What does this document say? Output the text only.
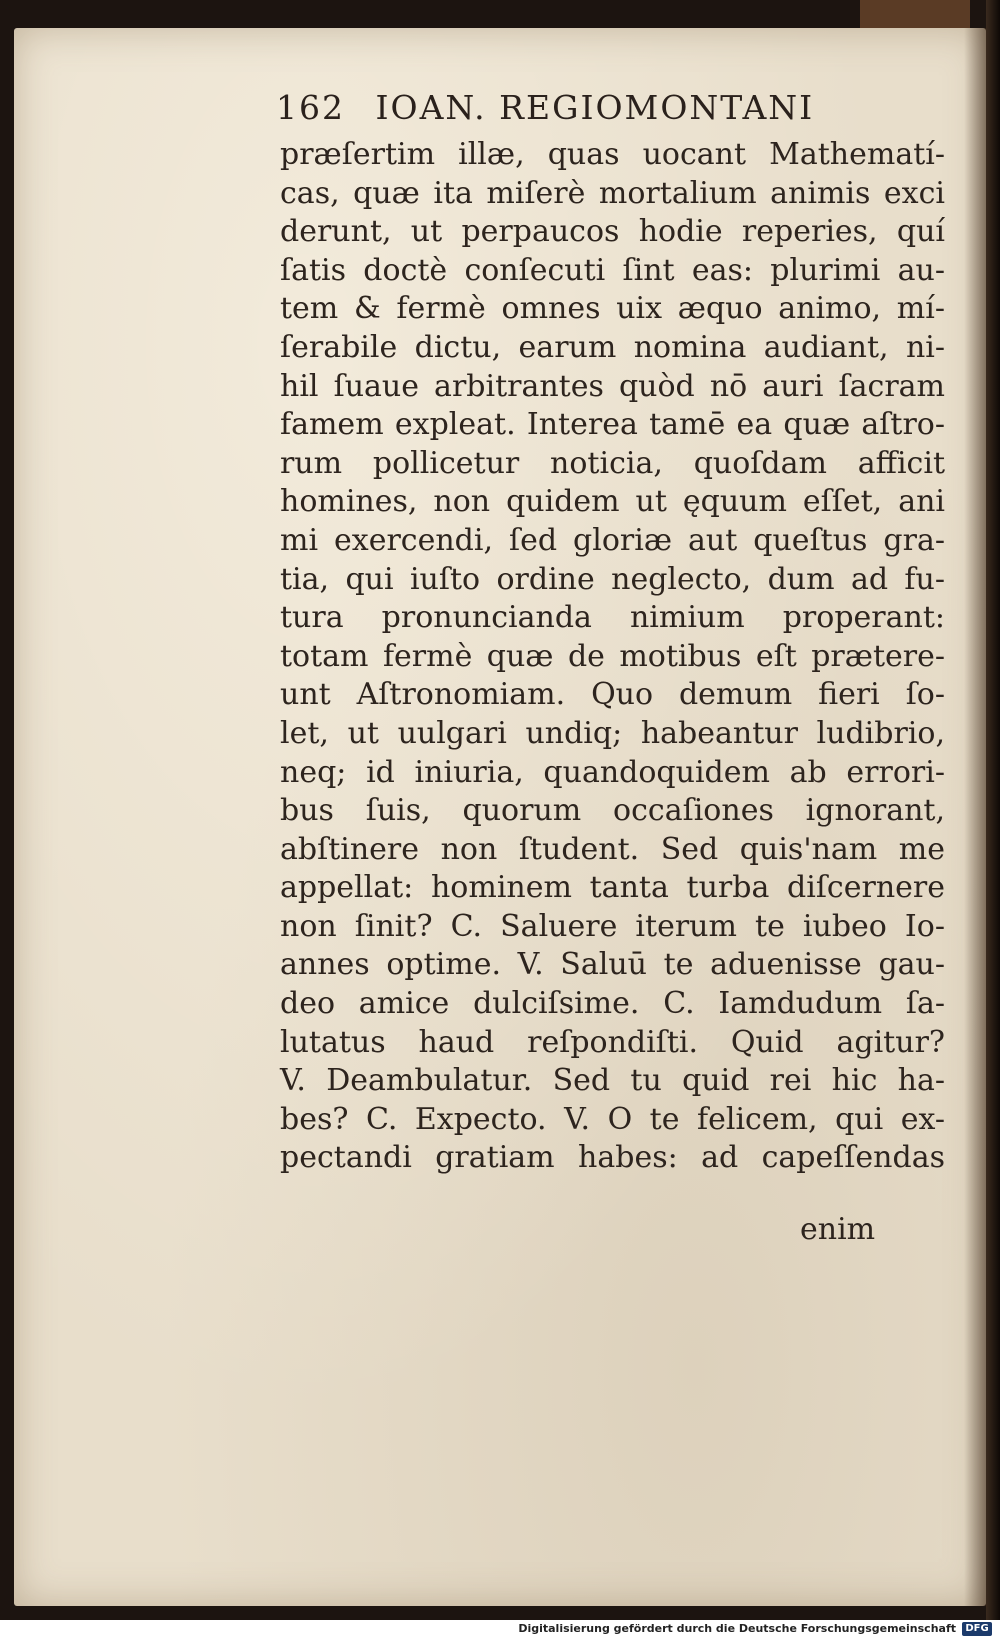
162 IOAN. REGIOMONTANI
præſertim illæ, quas uocant Mathematí-
cas, quæ ita miſerè mortalium animis exci
derunt, ut perpaucos hodie reperies, quí
ſatis doctè conſecuti ſint eas: plurimi au-
tem & fermè omnes uix æquo animo, mí-
ſerabile dictu, earum nomina audiant, ni-
hil ſuaue arbitrantes quòd nō auri ſacram
famem expleat. Interea tamē ea quæ aſtro-
rum pollicetur noticia, quoſdam afficit
homines, non quidem ut ęquum eſſet, ani
mi exercendi, ſed gloriæ aut queſtus gra-
tia, qui iuſto ordine neglecto, dum ad fu-
tura pronuncianda nimium properant:
totam fermè quæ de motibus eſt prætere-
unt Aſtronomiam. Quo demum fieri ſo-
let, ut uulgari undiq; habeantur ludibrio,
neq; id iniuria, quandoquidem ab errori-
bus ſuis, quorum occaſiones ignorant,
abſtinere non ſtudent. Sed quis'nam me
appellat: hominem tanta turba diſcernere
non ſinit? C. Saluere iterum te iubeo Io-
annes optime. V. Saluū te aduenisse gau-
deo amice dulciſsime. C. Iamdudum ſa-
lutatus haud reſpondiſti. Quid agitur?
V. Deambulatur. Sed tu quid rei hic ha-
bes? C. Expecto. V. O te felicem, qui ex-
pectandi gratiam habes: ad capeſſendas
enim
Digitalisierung gefördert durch die Deutsche Forschungsgemeinschaft DFG
